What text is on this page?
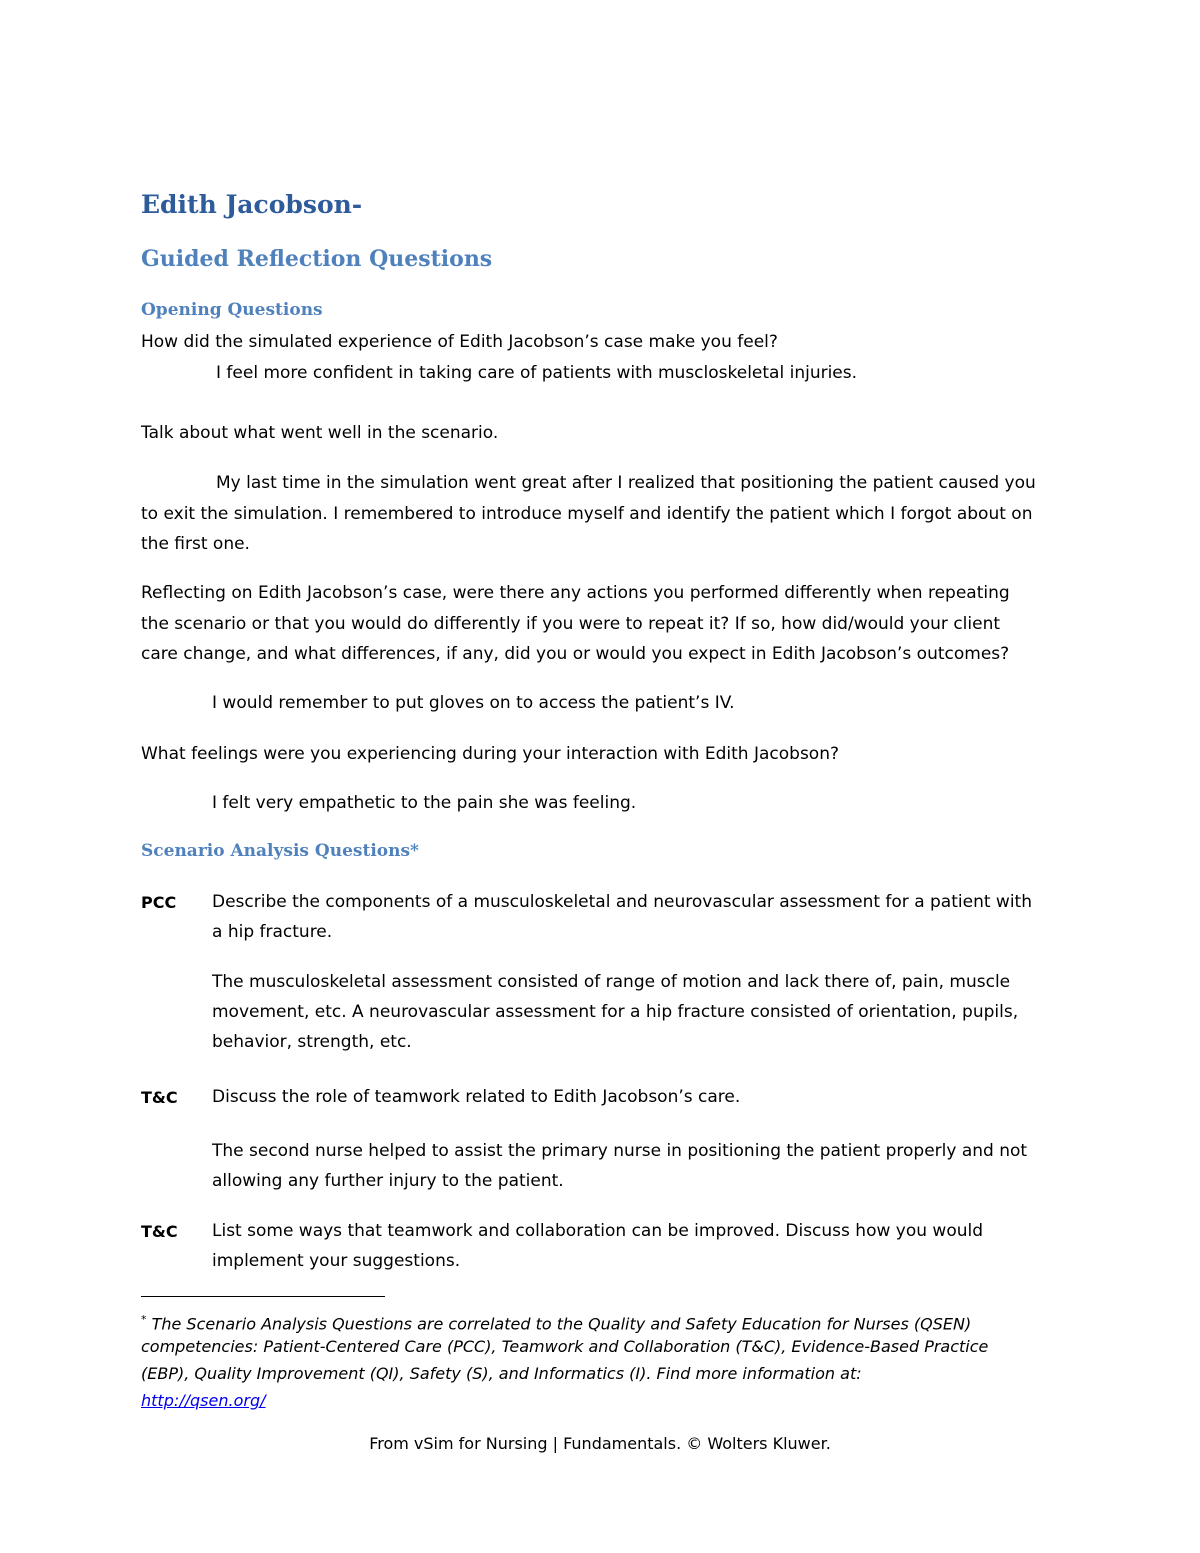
Edith Jacobson-
Guided Reflection Questions
Opening Questions
How did the simulated experience of Edith Jacobson’s case make you feel?
I feel more confident in taking care of patients with muscloskeletal injuries.
Talk about what went well in the scenario.
My last time in the simulation went great after I realized that positioning the patient caused you
to exit the simulation. I remembered to introduce myself and identify the patient which I forgot about on
the first one.
Reflecting on Edith Jacobson’s case, were there any actions you performed differently when repeating
the scenario or that you would do differently if you were to repeat it? If so, how did/would your client
care change, and what differences, if any, did you or would you expect in Edith Jacobson’s outcomes?
I would remember to put gloves on to access the patient’s IV.
What feelings were you experiencing during your interaction with Edith Jacobson?
I felt very empathetic to the pain she was feeling.
Scenario Analysis Questions*
PCC Describe the components of a musculoskeletal and neurovascular assessment for a patient with
a hip fracture.
The musculoskeletal assessment consisted of range of motion and lack there of, pain, muscle
movement, etc. A neurovascular assessment for a hip fracture consisted of orientation, pupils,
behavior, strength, etc.
T&C Discuss the role of teamwork related to Edith Jacobson’s care.
The second nurse helped to assist the primary nurse in positioning the patient properly and not
allowing any further injury to the patient.
T&C List some ways that teamwork and collaboration can be improved. Discuss how you would
implement your suggestions.
* The Scenario Analysis Questions are correlated to the Quality and Safety Education for Nurses (QSEN)
competencies: Patient-Centered Care (PCC), Teamwork and Collaboration (T&C), Evidence-Based Practice
(EBP), Quality Improvement (QI), Safety (S), and Informatics (I). Find more information at:
http://qsen.org/
From vSim for Nursing | Fundamentals. © Wolters Kluwer.
